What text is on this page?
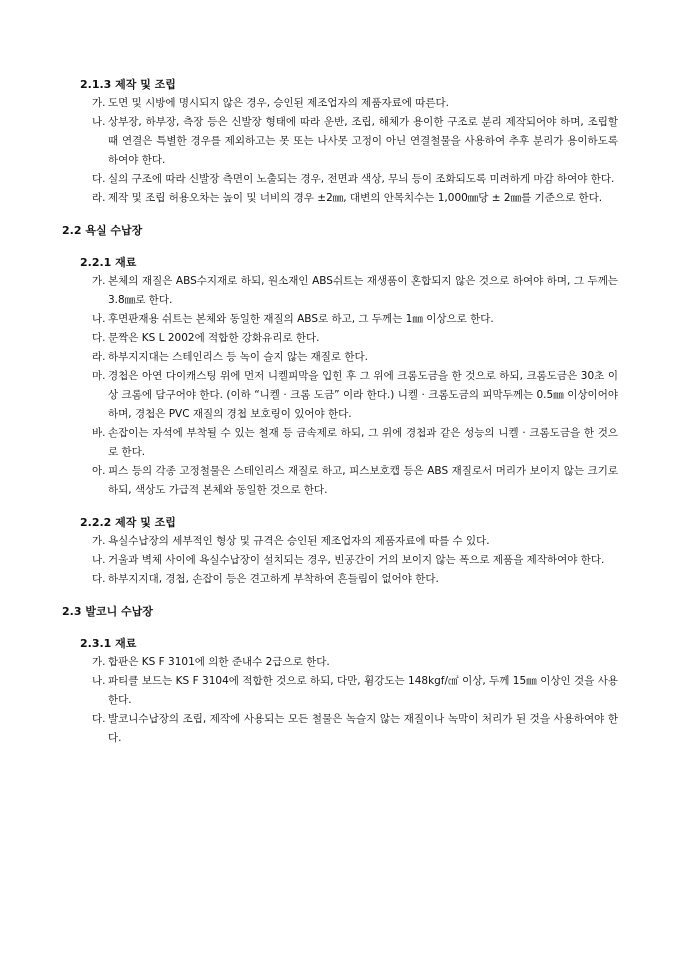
2.1.3 제작 및 조립
가. 도면 및 시방에 명시되지 않은 경우, 승인된 제조업자의 제품자료에 따른다.
나. 상부장, 하부장, 측장 등은 신발장 형태에 따라 운반, 조립, 해체가 용이한 구조로 분리 제작되어야 하며, 조립할 때 연결은 특별한 경우를 제외하고는 못 또는 나사못 고정이 아닌 연결철물을 사용하여 추후 분리가 용이하도록 하여야 한다.
다. 실의 구조에 따라 신발장 측면이 노출되는 경우, 전면과 색상, 무늬 등이 조화되도록 미려하게 마감 하여야 한다.
라. 제작 및 조립 허용오차는 높이 및 너비의 경우 ±2㎜, 대변의 안목치수는 1,000㎜당 ± 2㎜를 기준으로 한다.
2.2 욕실 수납장
2.2.1 재료
가. 본체의 재질은 ABS수지재로 하되, 원소재인 ABS쉬트는 재생품이 혼합되지 않은 것으로 하여야 하며, 그 두께는 3.8㎜로 한다.
나. 후면판재용 쉬트는 본체와 동일한 재질의 ABS로 하고, 그 두께는 1㎜ 이상으로 한다.
다. 문짝은 KS L 2002에 적합한 강화유리로 한다.
라. 하부지지대는 스테인리스 등 녹이 슬지 않는 재질로 한다.
마. 경첩은 아연 다이캐스팅 위에 먼저 니켈피막을 입힌 후 그 위에 크롬도금을 한 것으로 하되, 크롬도금은 30초 이상 크롬에 담구어야 한다. (이하 “니켈 · 크롬 도금” 이라 한다.) 니켈 · 크롬도금의 피막두께는 0.5㎜ 이상이어야 하며, 경첩은 PVC 재질의 경첩 보호링이 있어야 한다.
바. 손잡이는 자석에 부착될 수 있는 철재 등 금속제로 하되, 그 위에 경첩과 같은 성능의 니켈 · 크롬도금을 한 것으로 한다.
아. 피스 등의 각종 고정철물은 스테인리스 재질로 하고, 피스보호캡 등은 ABS 재질로서 머리가 보이지 않는 크기로 하되, 색상도 가급적 본체와 동일한 것으로 한다.
2.2.2 제작 및 조립
가. 욕실수납장의 세부적인 형상 및 규격은 승인된 제조업자의 제품자료에 따를 수 있다.
나. 거울과 벽체 사이에 욕실수납장이 설치되는 경우, 빈공간이 거의 보이지 않는 폭으로 제품을 제작하여야 한다.
다. 하부지지대, 경첩, 손잡이 등은 견고하게 부착하여 흔들림이 없어야 한다.
2.3 발코니 수납장
2.3.1 재료
가. 합판은 KS F 3101에 의한 준내수 2급으로 한다.
나. 파티클 보드는 KS F 3104에 적합한 것으로 하되, 다만, 휨강도는 148kgf/㎠ 이상, 두께 15㎜ 이상인 것을 사용한다.
다. 발코니수납장의 조립, 제작에 사용되는 모든 철물은 녹슬지 않는 재질이나 녹막이 처리가 된 것을 사용하여야 한다.
